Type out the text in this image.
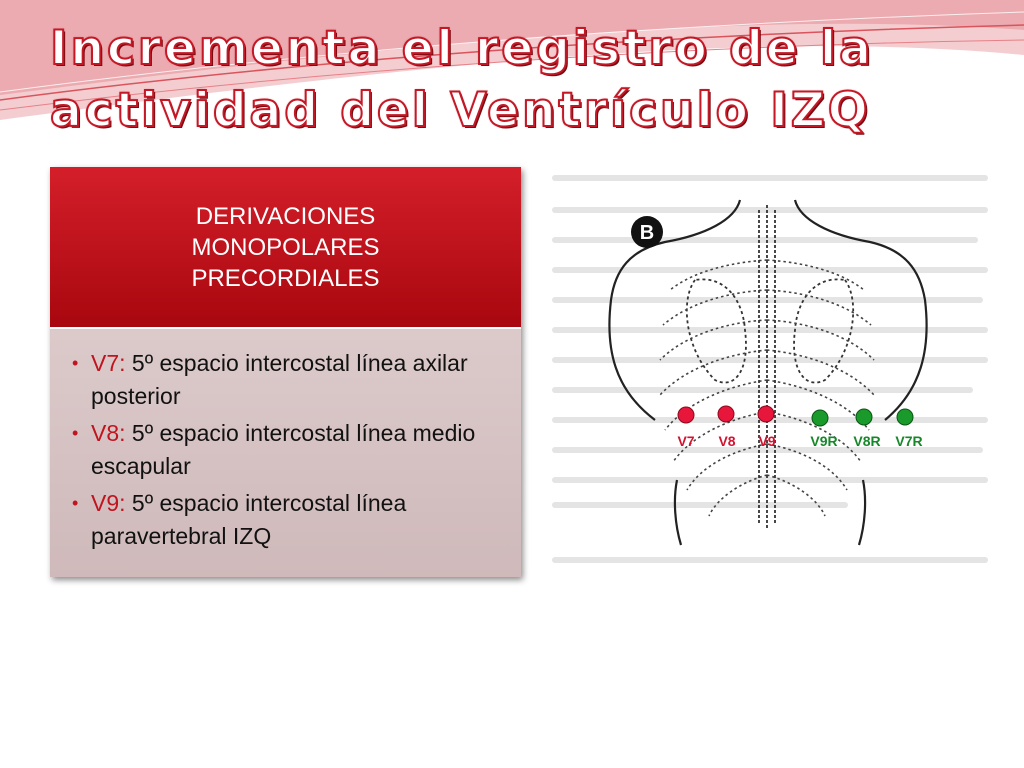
Incrementa el registro de la
actividad del Ventrículo IZQ
DERIVACIONES
MONOPOLARES
PRECORDIALES
• V7: 5º espacio intercostal línea axilar posterior
• V8: 5º espacio intercostal línea medio escapular
• V9: 5º espacio intercostal línea paravertebral IZQ
B
V7 V8 V9 V9R V8R V7R
